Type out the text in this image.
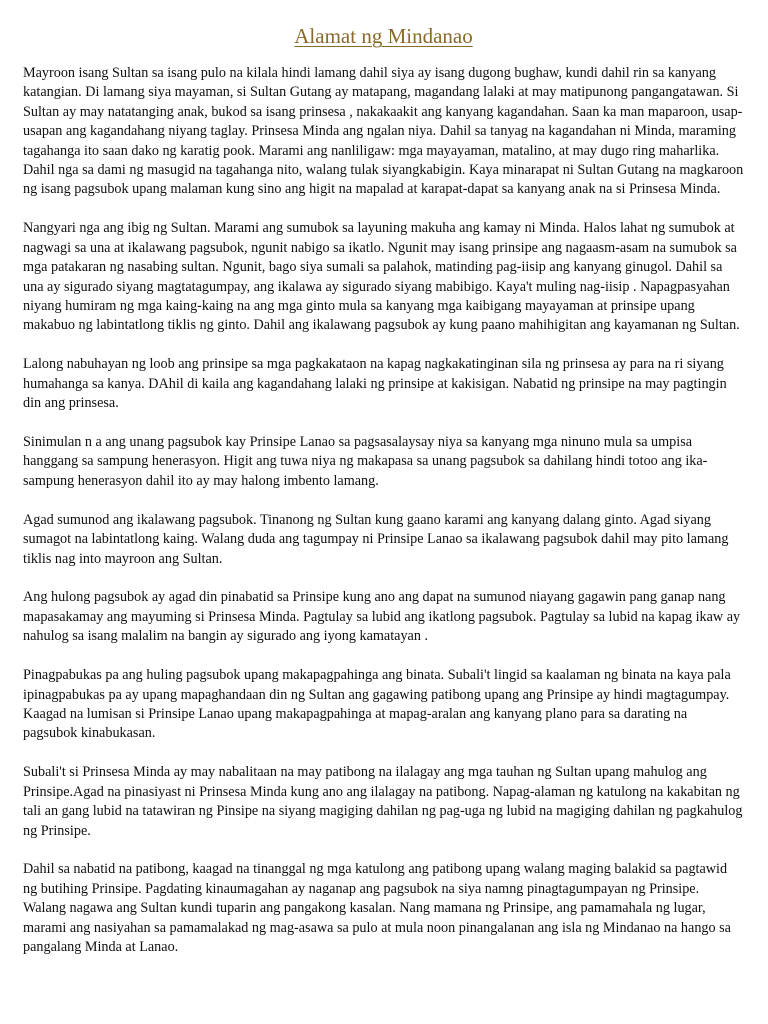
Alamat ng Mindanao

Mayroon isang Sultan sa isang pulo na kilala hindi lamang dahil siya ay isang dugong bughaw, kundi dahil rin sa kanyang katangian. Di lamang siya mayaman, si Sultan Gutang ay matapang, magandang lalaki at may matipunong pangangatawan. Si Sultan ay may natatanging anak, bukod sa isang prinsesa , nakakaakit ang kanyang kagandahan. Saan ka man maparoon, usap-usapan ang kagandahang niyang taglay. Prinsesa Minda ang ngalan niya. Dahil sa tanyag na kagandahan ni Minda, maraming tagahanga ito saan dako ng karatig pook. Marami ang nanliligaw: mga mayayaman, matalino, at may dugo ring maharlika. Dahil nga sa dami ng masugid na tagahanga nito, walang tulak siyangkabigin. Kaya minarapat ni Sultan Gutang na magkaroon ng isang pagsubok upang malaman kung sino ang higit na mapalad at karapat-dapat sa kanyang anak na si Prinsesa Minda.

Nangyari nga ang ibig ng Sultan. Marami ang sumubok sa layuning makuha ang kamay ni Minda. Halos lahat ng sumubok at nagwagi sa una at ikalawang pagsubok, ngunit nabigo sa ikatlo. Ngunit may isang prinsipe ang nagaasm-asam na sumubok sa mga patakaran ng nasabing sultan. Ngunit, bago siya sumali sa palahok, matinding pag-iisip ang kanyang ginugol. Dahil sa una ay sigurado siyang magtatagumpay, ang ikalawa ay sigurado siyang mabibigo. Kaya't muling nag-iisip . Napagpasyahan niyang humiram ng mga kaing-kaing na ang mga ginto mula sa kanyang mga kaibigang mayayaman at prinsipe upang makabuo ng labintatlong tiklis ng ginto. Dahil ang ikalawang pagsubok ay kung paano mahihigitan ang kayamanan ng Sultan.

Lalong nabuhayan ng loob ang prinsipe sa mga pagkakataon na kapag nagkakatinginan sila ng prinsesa ay para na ri siyang humahanga sa kanya. DAhil di kaila ang kagandahang lalaki ng prinsipe at kakisigan. Nabatid ng prinsipe na may pagtingin din ang prinsesa.

Sinimulan n a ang unang pagsubok kay Prinsipe Lanao sa pagsasalaysay niya sa kanyang mga ninuno mula sa umpisa hanggang sa sampung henerasyon. Higit ang tuwa niya ng makapasa sa unang pagsubok sa dahilang hindi totoo ang ika-sampung henerasyon dahil ito ay may halong imbento lamang.

Agad sumunod ang ikalawang pagsubok. Tinanong ng Sultan kung gaano karami ang kanyang dalang ginto. Agad siyang sumagot na labintatlong kaing. Walang duda ang tagumpay ni Prinsipe Lanao sa ikalawang pagsubok dahil may pito lamang tiklis nag into mayroon ang Sultan.

Ang hulong pagsubok ay agad din pinabatid sa Prinsipe kung ano ang dapat na sumunod niayang gagawin pang ganap nang mapasakamay ang mayuming si Prinsesa Minda. Pagtulay sa lubid ang ikatlong pagsubok. Pagtulay sa lubid na kapag ikaw ay nahulog sa isang malalim na bangin ay sigurado ang iyong kamatayan .

Pinagpabukas pa ang huling pagsubok upang makapagpahinga ang binata. Subali't lingid sa kaalaman ng binata na kaya pala ipinagpabukas pa ay upang mapaghandaan din ng Sultan ang gagawing patibong upang ang Prinsipe ay hindi magtagumpay. Kaagad na lumisan si Prinsipe Lanao upang makapagpahinga at mapag-aralan ang kanyang plano para sa darating na pagsubok kinabukasan.

Subali't si Prinsesa Minda ay may nabalitaan na may patibong na ilalagay ang mga tauhan ng Sultan upang mahulog ang Prinsipe.Agad na pinasiyast ni Prinsesa Minda kung ano ang ilalagay na patibong. Napag-alaman ng katulong na kakabitan ng tali an gang lubid na tatawiran ng Pinsipe na siyang magiging dahilan ng pag-uga ng lubid na magiging dahilan ng pagkahulog ng Prinsipe.

Dahil sa nabatid na patibong, kaagad na tinanggal ng mga katulong ang patibong upang walang maging balakid sa pagtawid ng butihing Prinsipe. Pagdating kinaumagahan ay naganap ang pagsubok na siya namng pinagtagumpayan ng Prinsipe. Walang nagawa ang Sultan kundi tuparin ang pangakong kasalan. Nang mamana ng Prinsipe, ang pamamahala ng lugar, marami ang nasiyahan sa pamamalakad ng mag-asawa sa pulo at mula noon pinangalanan ang isla ng Mindanao na hango sa pangalang Minda at Lanao.
